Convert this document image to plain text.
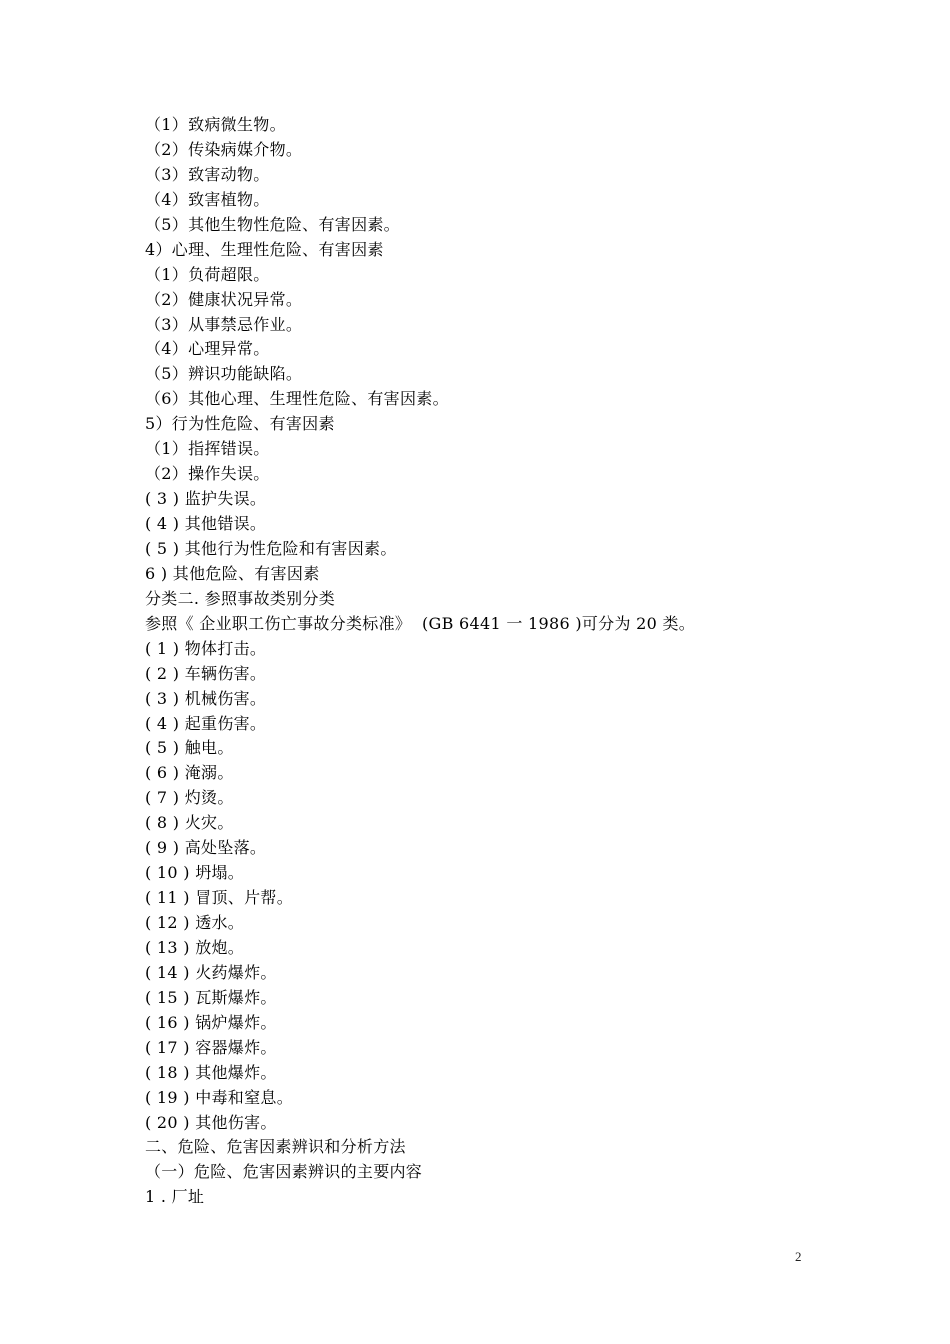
（1）致病微生物。
（2）传染病媒介物。
（3）致害动物。
（4）致害植物。
（5）其他生物性危险、有害因素。
4）心理、生理性危险、有害因素
（1）负荷超限。
（2）健康状况异常。
（3）从事禁忌作业。
（4）心理异常。
（5）辨识功能缺陷。
（6）其他心理、生理性危险、有害因素。
5）行为性危险、有害因素
（1）指挥错误。
（2）操作失误。
( 3 ) 监护失误。
( 4 ) 其他错误。
( 5 ) 其他行为性危险和有害因素。
6 ) 其他危险、有害因素
分类二. 参照事故类别分类
参照《 企业职工伤亡事故分类标准》  (GB 6441 一 1986 )可分为 20 类。
( 1 ) 物体打击。
( 2 ) 车辆伤害。
( 3 ) 机械伤害。
( 4 ) 起重伤害。
( 5 ) 触电。
( 6 ) 淹溺。
( 7 ) 灼烫。
( 8 ) 火灾。
( 9 ) 高处坠落。
( 10 ) 坍塌。
( 11 ) 冒顶、片帮。
( 12 ) 透水。
( 13 ) 放炮。
( 14 ) 火药爆炸。
( 15 ) 瓦斯爆炸。
( 16 ) 锅炉爆炸。
( 17 ) 容器爆炸。
( 18 ) 其他爆炸。
( 19 ) 中毒和窒息。
( 20 ) 其他伤害。
二、危险、危害因素辨识和分析方法
（一）危险、危害因素辨识的主要内容
1 . 厂址
2
